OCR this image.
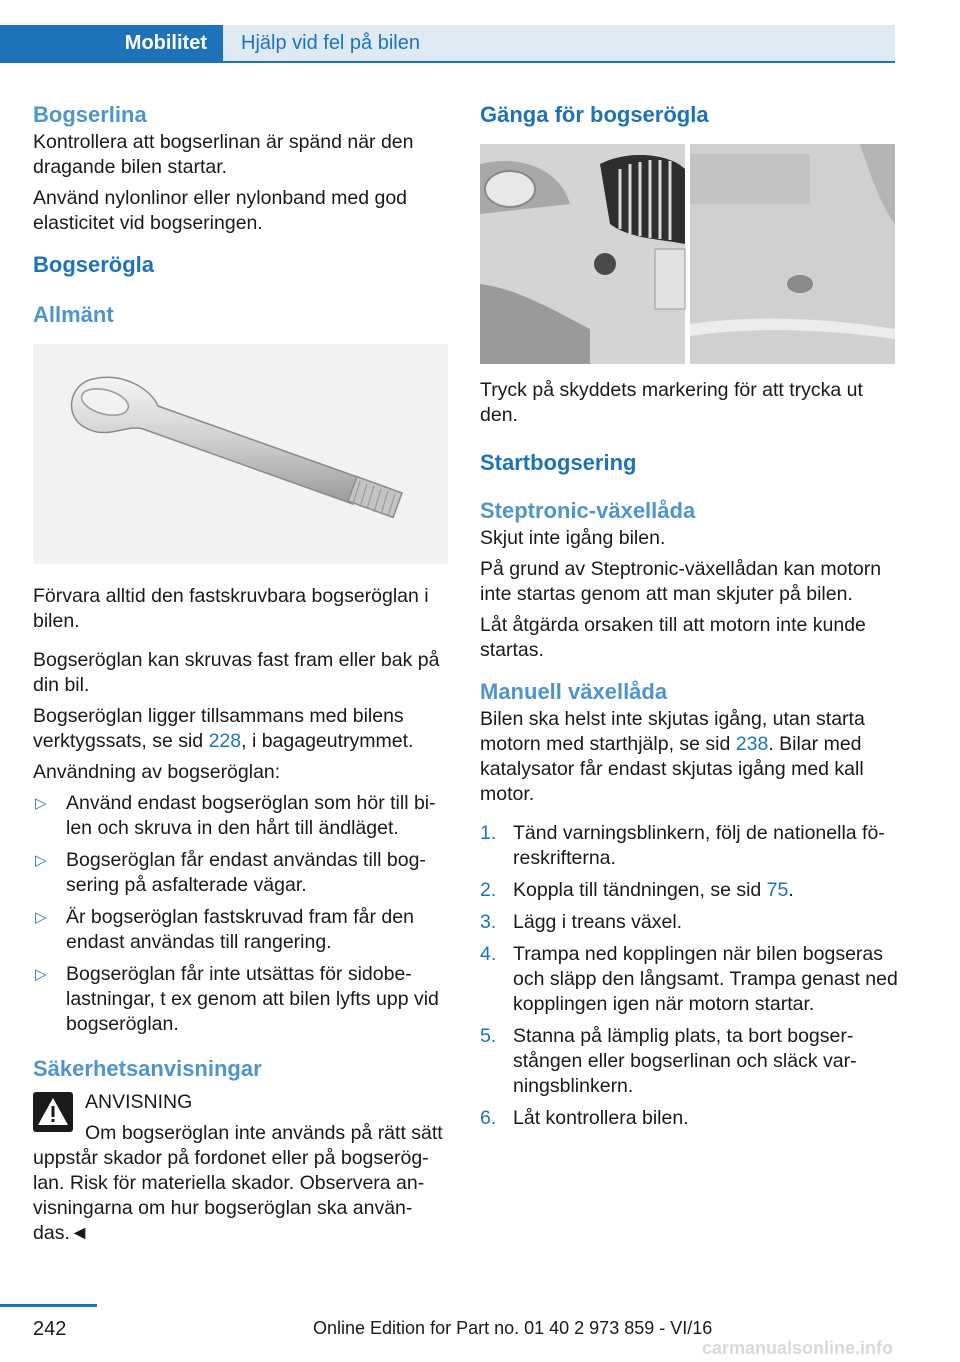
Mobilitet Hjälp vid fel på bilen
Bogserlina

Kontrollera att bogserlinan är spänd när den dragande bilen startar.

Använd nylonlinor eller nylonband med god elasticitet vid bogseringen.

Bogserögla
Allmänt

Förvara alltid den fastskruvbara bogseröglan i bilen.

Bogseröglan kan skruvas fast fram eller bak på din bil.

Bogseröglan ligger tillsammans med bilens verktygssats, se sid 228, i bagageutrymmet.

Användning av bogseröglan:

▷ Använd endast bogseröglan som hör till bi-len och skruva in den hårt till ändläget.
▷ Bogseröglan får endast användas till bog-sering på asfalterade vägar.
▷ Är bogseröglan fastskruvad fram får den endast användas till rangering.
▷ Bogseröglan får inte utsättas för sidobe-lastningar, t ex genom att bilen lyfts upp vid bogseröglan.
Säkerhetsanvisningar
ANVISNING

Om bogseröglan inte används på rätt sätt

uppstår skador på fordonet eller på bogserög-lan. Risk för materiella skador. Observera an-visningarna om hur bogseröglan ska använ-das.◄

Gänga för bogserögla

Tryck på skyddets markering för att trycka ut den.

Startbogsering
Steptronic-växellåda

Skjut inte igång bilen.

På grund av Steptronic-växellådan kan motorn inte startas genom att man skjuter på bilen.

Låt åtgärda orsaken till att motorn inte kunde startas.

Manuell växellåda

Bilen ska helst inte skjutas igång, utan starta motorn med starthjälp, se sid 238. Bilar med katalysator får endast skjutas igång med kall motor.

1. Tänd varningsblinkern, följ de nationella fö-reskrifterna.
2. Koppla till tändningen, se sid 75.
3. Lägg i treans växel.
4. Trampa ned kopplingen när bilen bogseras och släpp den långsamt. Trampa genast ned kopplingen igen när motorn startar.
5. Stanna på lämplig plats, ta bort bogser-stången eller bogserlinan och släck var-ningsblinkern.
6. Låt kontrollera bilen.
242	Online Edition for Part no. 01 40 2 973 859 - VI/16
carmanualsonline.info
